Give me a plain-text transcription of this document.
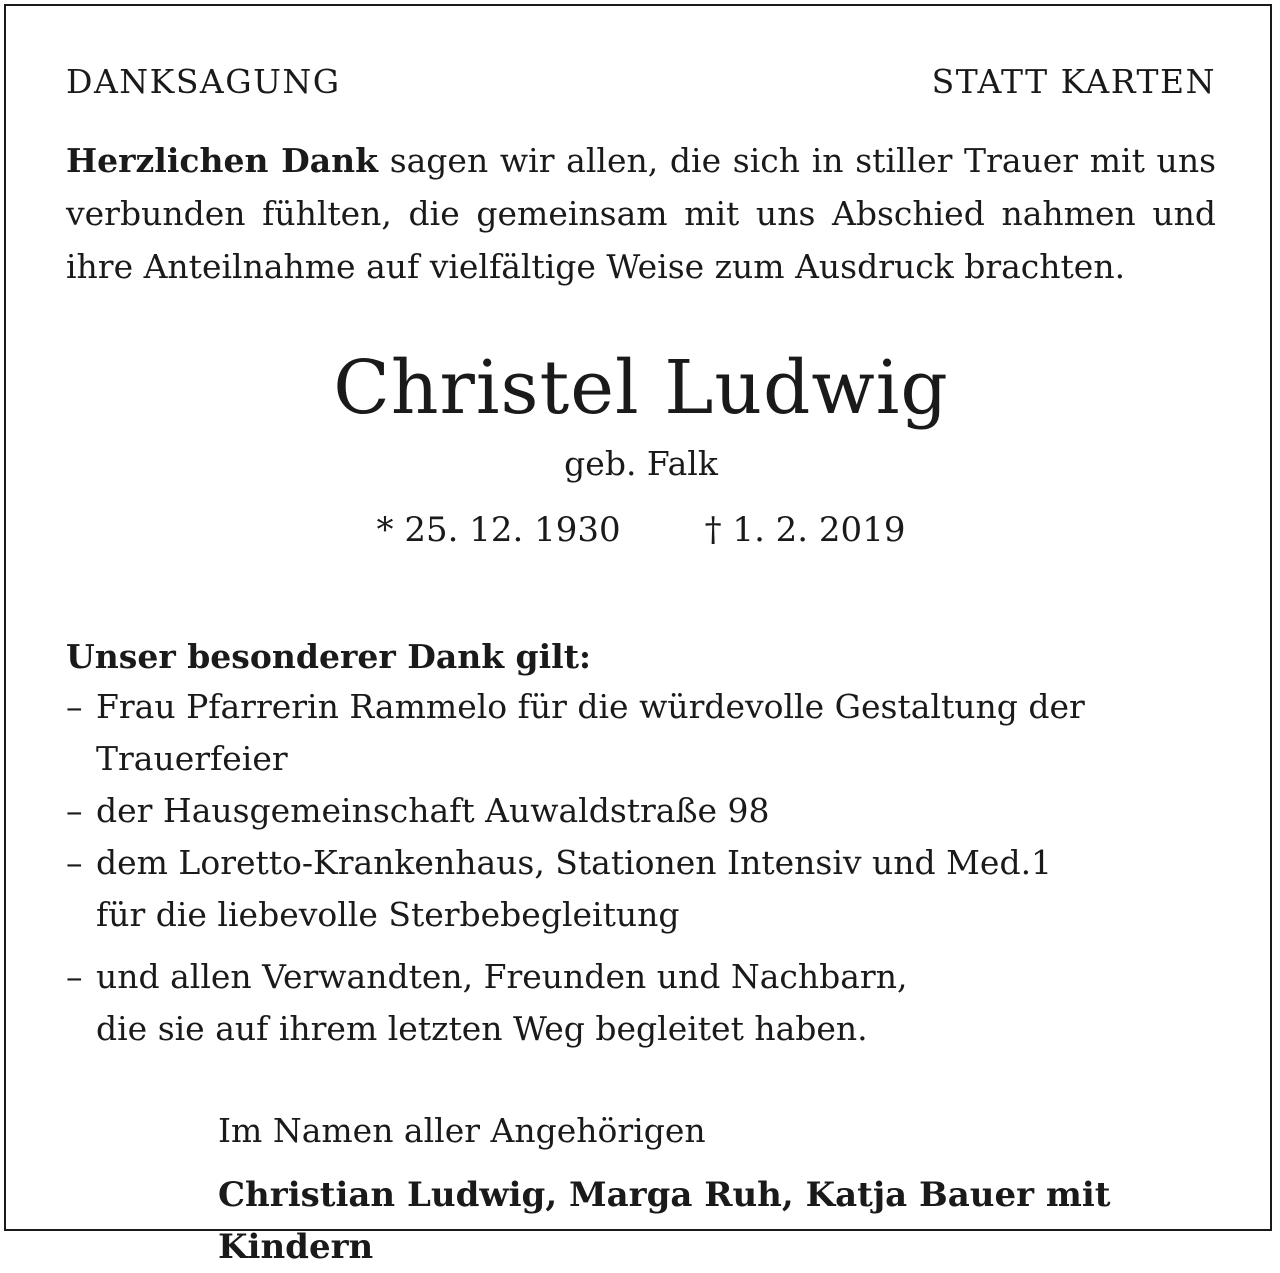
DANKSAGUNG	STATT KARTEN
Herzlichen Dank sagen wir allen, die sich in stiller Trauer mit uns verbunden fühlten, die gemeinsam mit uns Abschied nahmen und ihre Anteilnahme auf vielfältige Weise zum Ausdruck brachten.
Christel Ludwig
geb. Falk
* 25. 12. 1930 † 1. 2. 2019
Unser besonderer Dank gilt:
– Frau Pfarrerin Rammelo für die würdevolle Gestaltung der Trauerfeier
– der Hausgemeinschaft Auwaldstraße 98
– dem Loretto-Krankenhaus, Stationen Intensiv und Med.1
für die liebevolle Sterbebegleitung
– und allen Verwandten, Freunden und Nachbarn,
die sie auf ihrem letzten Weg begleitet haben.
Im Namen aller Angehörigen
Christian Ludwig, Marga Ruh, Katja Bauer mit Kindern
